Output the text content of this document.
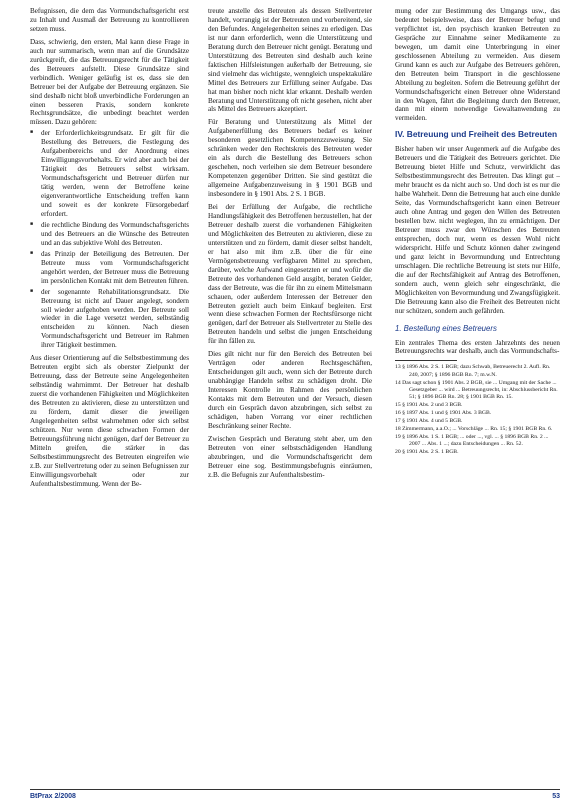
Befugnissen, die dem das Vormundschaftsgericht erst zu Inhalt und Ausmaß der Betreuung zu kontrollieren setzen muss.

Dass, schwierig, den ersten, Mal kann diese Frage in auch nur summarisch, wenn man auf die Grundsätze zurückgreift, die das Betreuungsrecht für die Tätigkeit des Betreuers aufstellt. Diese Grundsätze sind verbindlich. Weniger geläufig ist es, dass sie den Betreuer bei der Aufgabe der Betreuung ergänzen. Sie sind deshalb nicht bloß unverbindliche Forderungen an einen besseren Praxis, sondern konkrete Rechtsgrundsätze, die unbedingt beachtet werden müssen. Dazu gehören:

■ der Erforderlichkeitsgrundsatz. Er gilt für die Bestellung des Betreuers, die Festlegung des Aufgabenbereichs und der Anordnung eines Einwilligungsvorbehalts. Er wird aber auch bei der Tätigkeit des Betreuers selbst wirksam. Vormundschaftsgericht und Betreuer dürfen nur tätig werden, wenn der Betroffene keine eigenverantwortliche Entscheidung treffen kann und soweit es der konkrete Fürsorgebedarf erfordert.
■ die rechtliche Bindung des Vormundschaftsgerichts und des Betreuers an die Wünsche des Betreuten und an das subjektive Wohl des Betreuten.
■ das Prinzip der Beteiligung des Betreuten. Der Betreute muss vom Vormundschaftsgericht angehört werden, der Betreuer muss die Betreuung im persönlichen Kontakt mit dem Betreuten führen.
■ der sogenannte Rehabilitationsgrundsatz. Die Betreuung ist nicht auf Dauer angelegt, sondern soll wieder aufgehoben werden. Der Betreute soll wieder in die Lage versetzt werden, selbständig entscheiden zu können. Nach diesen Vormundschaftsgericht und Betreuer im Rahmen ihrer Tätigkeit bestimmen.

Aus dieser Orientierung auf die Selbstbestimmung des Betreuten ergibt sich als oberster Zielpunkt der Betreuung, dass der Betreute seine Angelegenheiten selbständig wahrnimmt. Der Betreuer hat deshalb zuerst die vorhandenen Fähigkeiten und Möglichkeiten des Betreuten zu aktivieren, diese zu unterstützen und zu fördern, damit dieser die jeweiligen Angelegenheiten selbst wahrnehmen oder sich selbst schützen. Nur wenn diese schwachen Formen der Betreuungsführung nicht genügen, darf der Betreuer zu Mitteln greifen, die stärker in das Selbstbestimmungsrecht des Betreuten eingreifen wie z.B. zur Stellvertretung oder zu seinen Befugnissen zur Einwilligungsvorbehalt oder zur Aufenthaltsbestimmung. Wenn der Be-

treute anstelle des Betreuten als dessen Stellvertreter handelt, vorrangig ist der Betreuten und vorbereitend, sie den Befundes. Angelegenheiten seines zu erledigen. Das ist nur dann erforderlich, wenn die Unterstützung und Beratung durch den Betreuer nicht genügt. Beratung und Unterstützung des Betreuten sind deshalb auch keine faktischen Hilfsleistungen außerhalb der Betreuung, sie sind vielmehr das wichtigste, wenngleich unspektakuläre Mittel des Betreuers zur Erfüllung seiner Aufgabe. Das hat man bisher noch nicht klar erkannt. Deshalb werden Beratung und Unterstützung oft nicht gesehen, nicht aber als Mittel des Betreuers akzeptiert.

Für Beratung und Unterstützung als Mittel der Aufgabenerfüllung des Betreuers bedarf es keiner besonderen gesetzlichen Kompetenzzuweisung. Sie schränken weder den Rechtskreis des Betreuten weder ein als durch die Bestellung des Betreuers schon geschehen, noch verleihen sie dem Betreuer besondere Kompetenzen gegenüber Dritten. Sie sind gestützt die allgemeine Aufgabenzuweisung in § 1901 BGB und insbesondere in § 1901 Abs. 2 S. 1 BGB.

Bei der Erfüllung der Aufgabe, die rechtliche Handlungsfähigkeit des Betroffenen herzustellen, hat der Betreuer deshalb zuerst die vorhandenen Fähigkeiten und Möglichkeiten des Betreuten zu aktivieren, diese zu unterstützen und zu fördern, damit dieser selbst handelt, er hat also mit ihm z.B. über die für eine Vermögensbetreuung verfügbaren Mittel zu sprechen, darüber, welche Aufwand eingesetzten er und wofür die Betreute des vorhandenen Geld ausgibt, beraten Gelder, dass der Betreute, was die für ihn zu einem Mittelsmann schauen, oder außerdem Interessen der Betreuer den Betreuten gezielt auch beim Einkauf begleiten. Erst wenn diese schwachen Formen der Rechtsfürsorge nicht genügen, darf der Betreuer als Stellvertreter zu Stelle des Betreuten handeln und selbst die jungen Entscheidung für ihn fällen zu.

Dies gilt nicht nur für den Bereich des Betreuten bei Verträgen oder anderen Rechtsgeschäften, Entscheidungen gilt auch, wenn sich der Betreute durch unabhängige Handeln selbst zu schädigen droht. Die Interessen Kontrolle im Rahmen des persönlichen Kontakts mit dem Betreuten und der Versuch, diesen durch ein Gespräch davon abzubringen, sich selbst zu schädigen, haben Vorrang vor einer rechtlichen Beschränkung seiner Rechte.

Zwischen Gespräch und Beratung steht aber, um den Betreuten von einer selbstschädigenden Handlung abzubringen, und die Vormundschaftsgericht dem Betreuer eine sog. Bestimmungsbefugnis einräumen, z.B. die Befugnis zur Aufenthaltsbestim-

mung oder zur Bestimmung des Umgangs usw., das bedeutet beispielsweise, dass der Betreuer befugt und verpflichtet ist, den psychisch kranken Betreuten zu Gespräche zur Einnahme seiner Medikamente zu bewegen, um damit eine Unterbringung in einer geschlossenen Abteilung zu vermeiden. Aus diesem Grund kann es auch zur Aufgabe des Betreuers gehören, den Betreuten beim Transport in die geschlossene Abteilung zu begleiten. Sofern die Betreuung geführt der Vormundschaftsgericht einen Betreuer ohne Widerstand in den Wagen, fährt die Begleitung durch den Betreuer, dann mit einem notwendige Gewaltanwendung zu vermeiden.

IV. Betreuung und Freiheit des Betreuten

Bisher haben wir unser Augenmerk auf die Aufgabe des Betreuers und die Tätigkeit des Betreuers gerichtet. Die Betreuung bietet Hilfe und Schutz, verwirklicht das Selbstbestimmungsrecht des Betreuten. Das klingt gut – mehr braucht es da nicht auch so. Und doch ist es nur die halbe Wahrheit. Denn die Betreuung hat auch eine dunkle Seite, das Vormundschaftsgericht kann einen Betreuer auch ohne Antrag und gegen den Willen des Betreuten bestellen bzw. nicht weglegen, ihn zu ermächtigen. Der Betreuer muss zwar den Wünschen des Betreuten entsprechen, doch nur, wenn es dessen Wohl nicht widerspricht. Hilfe und Schutz können daher zwingend und ganz leicht in Bevormundung und Entrechtung umschlagen. Die rechtliche Betreuung ist stets nur Hilfe, die auf der Rechtsfähigkeit auf Antrag des Betroffenen, sondern auch, wenn gleich sehr eingeschränkt, die Möglichkeiten von Bevormundung und Zwangsfügigkeit. Die Betreuung kann also die Freiheit des Betreuten nicht nur schützen, sondern auch gefährden.

1. Bestellung eines Betreuers

Ein zentrales Thema des ersten Jahrzehnts des neuen Betreuungsrechts war deshalb, auch das Vormundschafts-

13 § 1896 Abs. 2 S. 1 BGB; dazu Schwab, Betreuerecht 2. Aufl. Rn. 240, 2007; § 1896 BGB Rn. 7; m.w.N.
14 Das sagt schon § 1901 Abs. 2 BGB, sie ... Umgang mit der Sache ... Gesetzgeber ... wird ... Betreuungsrecht, in: Abschlussbericht Rn. 51; § 1896 BGB Rn. 28; § 1901 BGB Rn. 15.
15 § 1901 Abs. 2 und 3 BGB.
16 § 1897 Abs. 1 und § 1901 Abs. 3 BGB.
17 § 1901 Abs. 4 und 5 BGB.
18 Zimmermann, a.a.O.; ... Vorschläge ... Rn. 15; § 1901 BGB Rn. 6.
19 § 1896 Abs. 1 S. 1 BGB; ... oder ..., vgl. ... § 1896 BGB Rn. 2 ... 2007 ... Abs. 1 ...; dazu Entscheidungen ... Rn. 52.
20 § 1901 Abs. 2 S. 1 BGB.
BtPrax 2/2008	53
